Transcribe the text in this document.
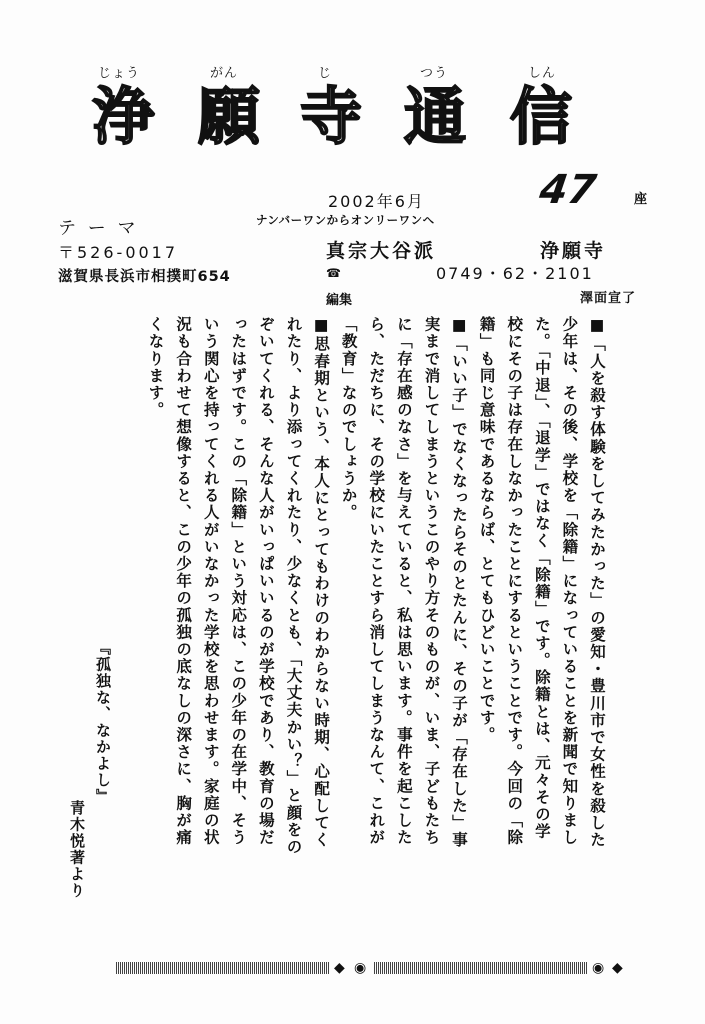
じょう	がん	じ	つう	しん
浄 願 寺 通 信
2002年6月	47	座
テ ー マ	ナンバーワンからオンリーワンへ
〒526-0017
滋賀県長浜市相撲町654
真宗大谷派	浄願寺
☎	0749・62・2101
編集	澤面宣了

■「人を殺す体験をしてみたかった」の愛知・豊川市で女性を殺した少年は、その後、学校を「除籍」になっていることを新聞で知りました。「中退」、「退学」ではなく「除籍」です。除籍とは、元々その学校にその子は存在しなかったことにするということです。今回の「除籍」も同じ意味であるならば、とてもひどいことです。

■「いい子」でなくなったらそのとたんに、その子が「存在した」事実まで消してしまうというこのやり方そのものが、いま、子どもたちに「存在感のなさ」を与えていると、私は思います。事件を起こしたら、ただちに、その学校にいたことすら消してしまうなんて、これが「教育」なのでしょうか。

■思春期という、本人にとってもわけのわからない時期、心配してくれたり、より添ってくれたり、少なくとも、「大丈夫かい？」と顔をのぞいてくれる、そんな人がいっぱいいるのが学校であり、教育の場だったはずです。この「除籍」という対応は、この少年の在学中、そういう関心を持ってくれる人がいなかった学校を思わせます。家庭の状況も合わせて想像すると、この少年の孤独の底なしの深さに、胸が痛くなります。

『孤独な、なかよし』

青木悦著より

◆ ◉	◉ ◆
